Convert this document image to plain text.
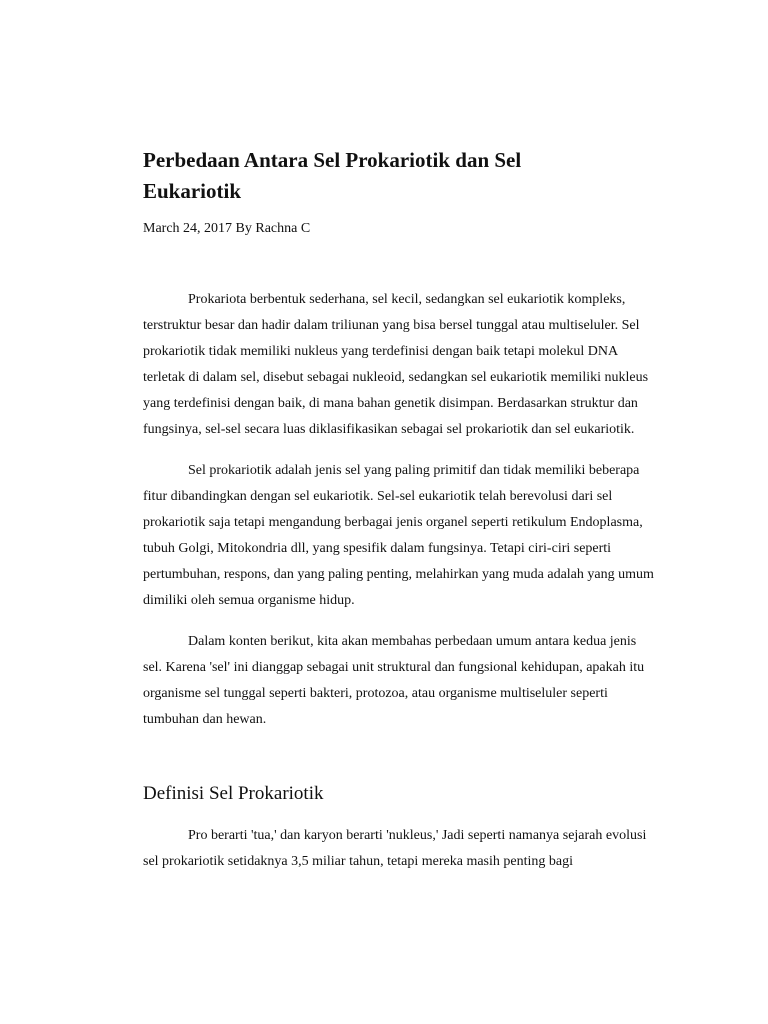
Perbedaan Antara Sel Prokariotik dan Sel
Eukariotik

March 24, 2017 By Rachna C

Prokariota berbentuk sederhana, sel kecil, sedangkan sel eukariotik kompleks, terstruktur besar dan hadir dalam triliunan yang bisa bersel tunggal atau multiseluler. Sel prokariotik tidak memiliki nukleus yang terdefinisi dengan baik tetapi molekul DNA terletak di dalam sel, disebut sebagai nukleoid, sedangkan sel eukariotik memiliki nukleus yang terdefinisi dengan baik, di mana bahan genetik disimpan. Berdasarkan struktur dan fungsinya, sel-sel secara luas diklasifikasikan sebagai sel prokariotik dan sel eukariotik.

Sel prokariotik adalah jenis sel yang paling primitif dan tidak memiliki beberapa fitur dibandingkan dengan sel eukariotik. Sel-sel eukariotik telah berevolusi dari sel prokariotik saja tetapi mengandung berbagai jenis organel seperti retikulum Endoplasma, tubuh Golgi, Mitokondria dll, yang spesifik dalam fungsinya. Tetapi ciri-ciri seperti pertumbuhan, respons, dan yang paling penting, melahirkan yang muda adalah yang umum dimiliki oleh semua organisme hidup.

Dalam konten berikut, kita akan membahas perbedaan umum antara kedua jenis sel. Karena 'sel' ini dianggap sebagai unit struktural dan fungsional kehidupan, apakah itu organisme sel tunggal seperti bakteri, protozoa, atau organisme multiseluler seperti tumbuhan dan hewan.

Definisi Sel Prokariotik

Pro berarti 'tua,' dan karyon berarti 'nukleus,' Jadi seperti namanya sejarah evolusi sel prokariotik setidaknya 3,5 miliar tahun, tetapi mereka masih penting bagi
